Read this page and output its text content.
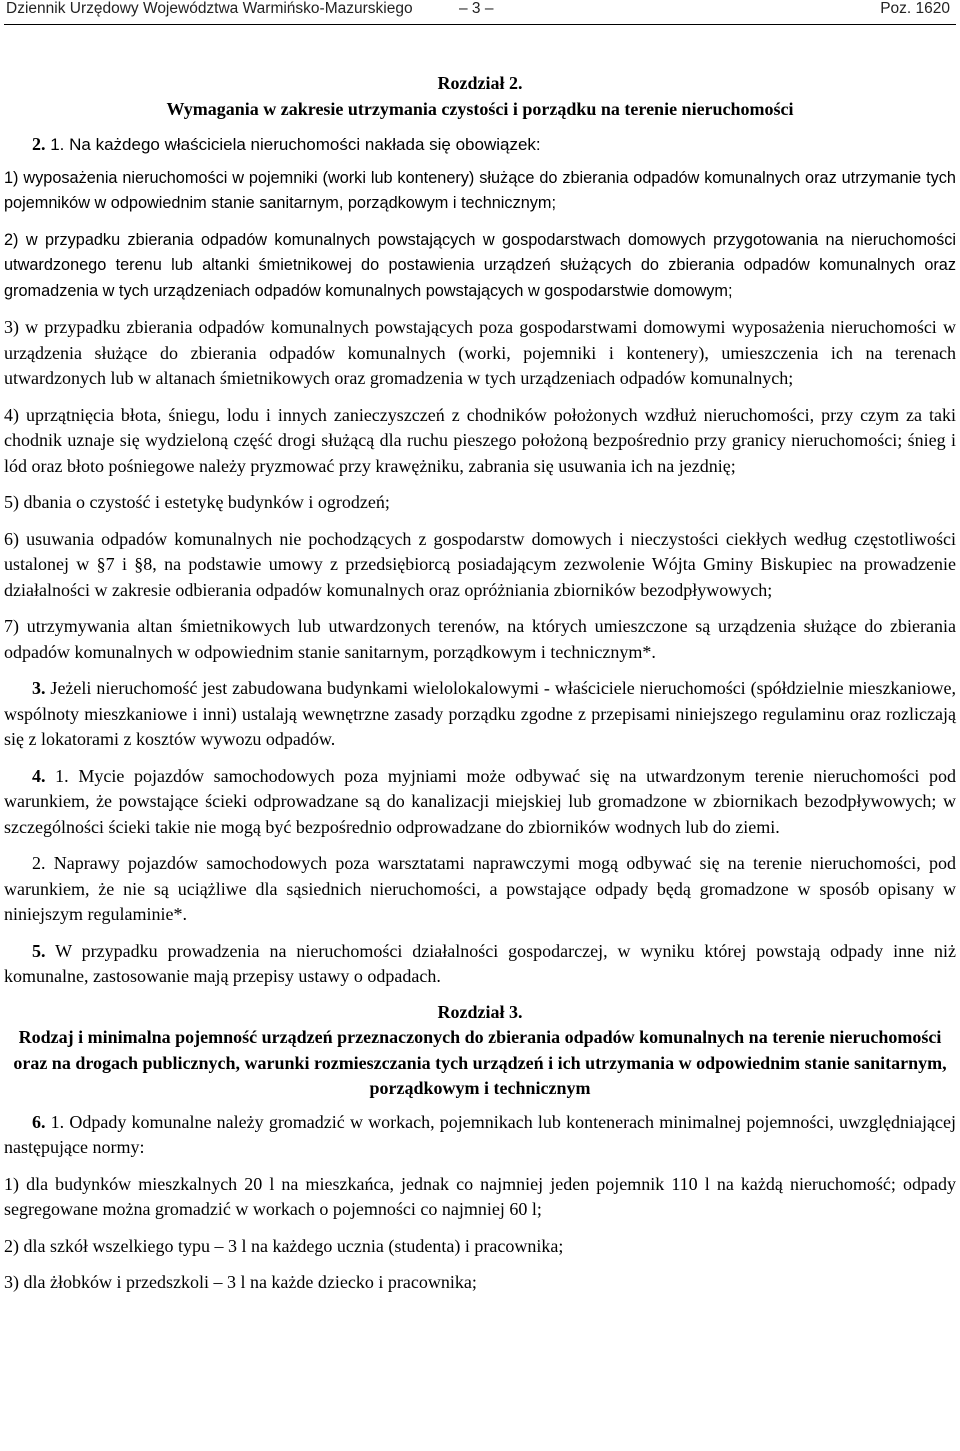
Dziennik Urzędowy Województwa Warmińsko-Mazurskiego	– 3 –	Poz. 1620
Rozdział 2.
Wymagania w zakresie utrzymania czystości i porządku na terenie nieruchomości

2. 1. Na każdego właściciela nieruchomości nakłada się obowiązek:

1) wyposażenia nieruchomości w pojemniki (worki lub kontenery) służące do zbierania odpadów komunalnych oraz utrzymanie tych pojemników w odpowiednim stanie sanitarnym, porządkowym i technicznym;

2) w przypadku zbierania odpadów komunalnych powstających w gospodarstwach domowych przygotowania na nieruchomości utwardzonego terenu lub altanki śmietnikowej do postawienia urządzeń służących do zbierania odpadów komunalnych oraz gromadzenia w tych urządzeniach odpadów komunalnych powstających w gospodarstwie domowym;

3) w przypadku zbierania odpadów komunalnych powstających poza gospodarstwami domowymi wyposażenia nieruchomości w urządzenia służące do zbierania odpadów komunalnych (worki, pojemniki i kontenery), umieszczenia ich na terenach utwardzonych lub w altanach śmietnikowych oraz gromadzenia w tych urządzeniach odpadów komunalnych;

4) uprzątnięcia błota, śniegu, lodu i innych zanieczyszczeń z chodników położonych wzdłuż nieruchomości, przy czym za taki chodnik uznaje się wydzieloną część drogi służącą dla ruchu pieszego położoną bezpośrednio przy granicy nieruchomości; śnieg i lód oraz błoto pośniegowe należy pryzmować przy krawężniku, zabrania się usuwania ich na jezdnię;

5) dbania o czystość i estetykę budynków i ogrodzeń;

6) usuwania odpadów komunalnych nie pochodzących z gospodarstw domowych i nieczystości ciekłych według częstotliwości ustalonej w §7 i §8, na podstawie umowy z przedsiębiorcą posiadającym zezwolenie Wójta Gminy Biskupiec na prowadzenie działalności w zakresie odbierania odpadów komunalnych oraz opróżniania zbiorników bezodpływowych;

7) utrzymywania altan śmietnikowych lub utwardzonych terenów, na których umieszczone są urządzenia służące do zbierania odpadów komunalnych w odpowiednim stanie sanitarnym, porządkowym i technicznym*.

3. Jeżeli nieruchomość jest zabudowana budynkami wielolokalowymi - właściciele nieruchomości (spółdzielnie mieszkaniowe, wspólnoty mieszkaniowe i inni) ustalają wewnętrzne zasady porządku zgodne z przepisami niniejszego regulaminu oraz rozliczają się z lokatorami z kosztów wywozu odpadów.

4. 1. Mycie pojazdów samochodowych poza myjniami może odbywać się na utwardzonym terenie nieruchomości pod warunkiem, że powstające ścieki odprowadzane są do kanalizacji miejskiej lub gromadzone w zbiornikach bezodpływowych; w szczególności ścieki takie nie mogą być bezpośrednio odprowadzane do zbiorników wodnych lub do ziemi.

2. Naprawy pojazdów samochodowych poza warsztatami naprawczymi mogą odbywać się na terenie nieruchomości, pod warunkiem, że nie są uciążliwe dla sąsiednich nieruchomości, a powstające odpady będą gromadzone w sposób opisany w niniejszym regulaminie*.

5. W przypadku prowadzenia na nieruchomości działalności gospodarczej, w wyniku której powstają odpady inne niż komunalne, zastosowanie mają przepisy ustawy o odpadach.

Rozdział 3.
Rodzaj i minimalna pojemność urządzeń przeznaczonych do zbierania odpadów komunalnych na terenie nieruchomości oraz na drogach publicznych, warunki rozmieszczania tych urządzeń i ich utrzymania w odpowiednim stanie sanitarnym, porządkowym i technicznym

6. 1. Odpady komunalne należy gromadzić w workach, pojemnikach lub kontenerach minimalnej pojemności, uwzględniającej następujące normy:

1) dla budynków mieszkalnych 20 l na mieszkańca, jednak co najmniej jeden pojemnik 110 l na każdą nieruchomość; odpady segregowane można gromadzić w workach o pojemności co najmniej 60 l;

2) dla szkół wszelkiego typu – 3 l na każdego ucznia (studenta) i pracownika;

3) dla żłobków i przedszkoli – 3 l na każde dziecko i pracownika;
